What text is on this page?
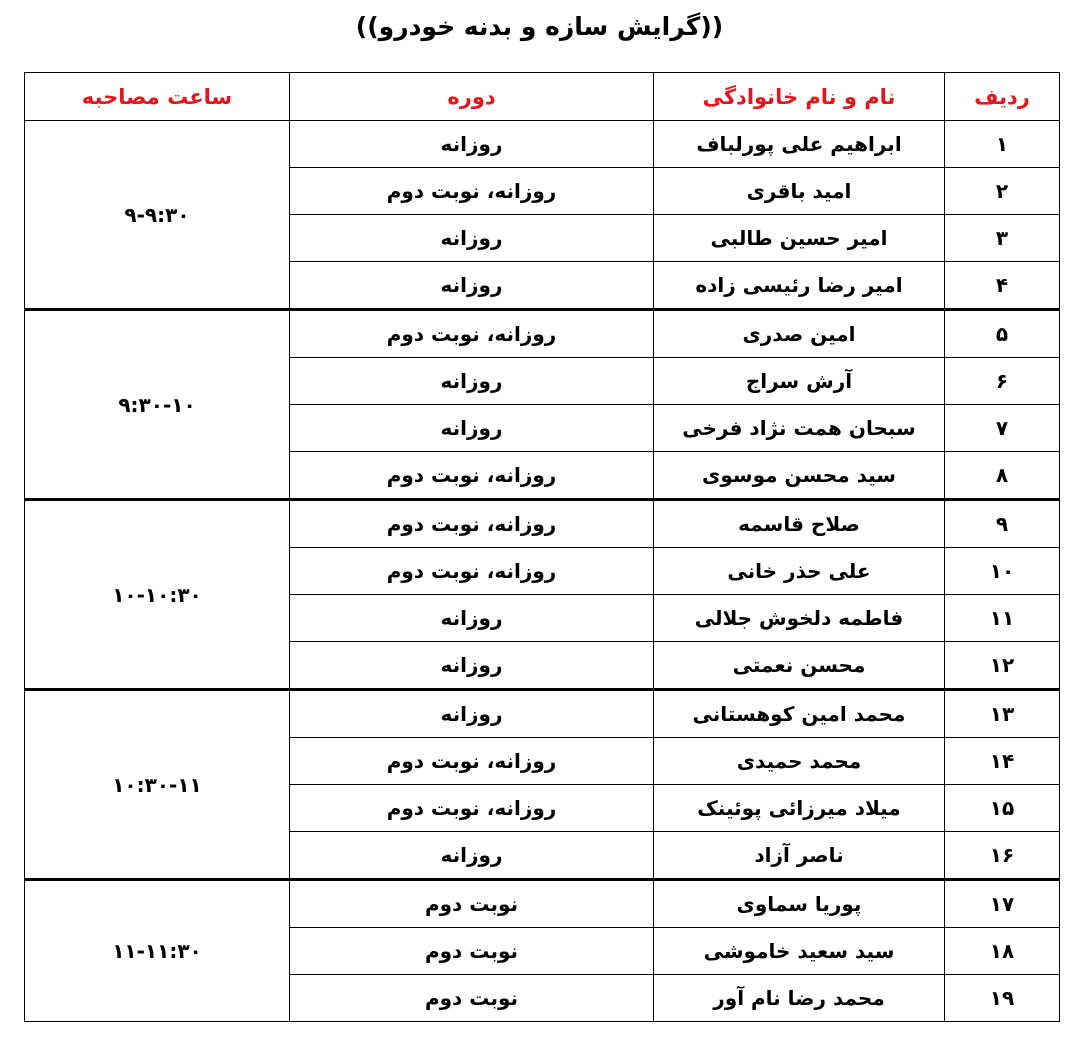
((گرایش سازه و بدنه خودرو))
ردیف	نام و نام خانوادگی	دوره	ساعت مصاحبه
۱	ابراهیم علی پورلباف	روزانه	۹-۹:۳۰
۲	امید باقری	روزانه، نوبت دوم	
۳	امیر حسین طالبی	روزانه	
۴	امیر رضا رئیسی زاده	روزانه	
۵	امین صدری	روزانه، نوبت دوم	۹:۳۰-۱۰
۶	آرش سراج	روزانه	
۷	سبحان همت نژاد فرخی	روزانه	
۸	سید محسن موسوی	روزانه، نوبت دوم	
۹	صلاح قاسمه	روزانه، نوبت دوم	۱۰-۱۰:۳۰
۱۰	علی حذر خانی	روزانه، نوبت دوم	
۱۱	فاطمه دلخوش جلالی	روزانه	
۱۲	محسن نعمتی	روزانه	
۱۳	محمد امین کوهستانی	روزانه	۱۰:۳۰-۱۱
۱۴	محمد حمیدی	روزانه، نوبت دوم	
۱۵	میلاد میرزائی پوئینک	روزانه، نوبت دوم	
۱۶	ناصر آزاد	روزانه	
۱۷	پوریا سماوی	نوبت دوم	۱۱-۱۱:۳۰
۱۸	سید سعید خاموشی	نوبت دوم	
۱۹	محمد رضا نام آور	نوبت دوم	
